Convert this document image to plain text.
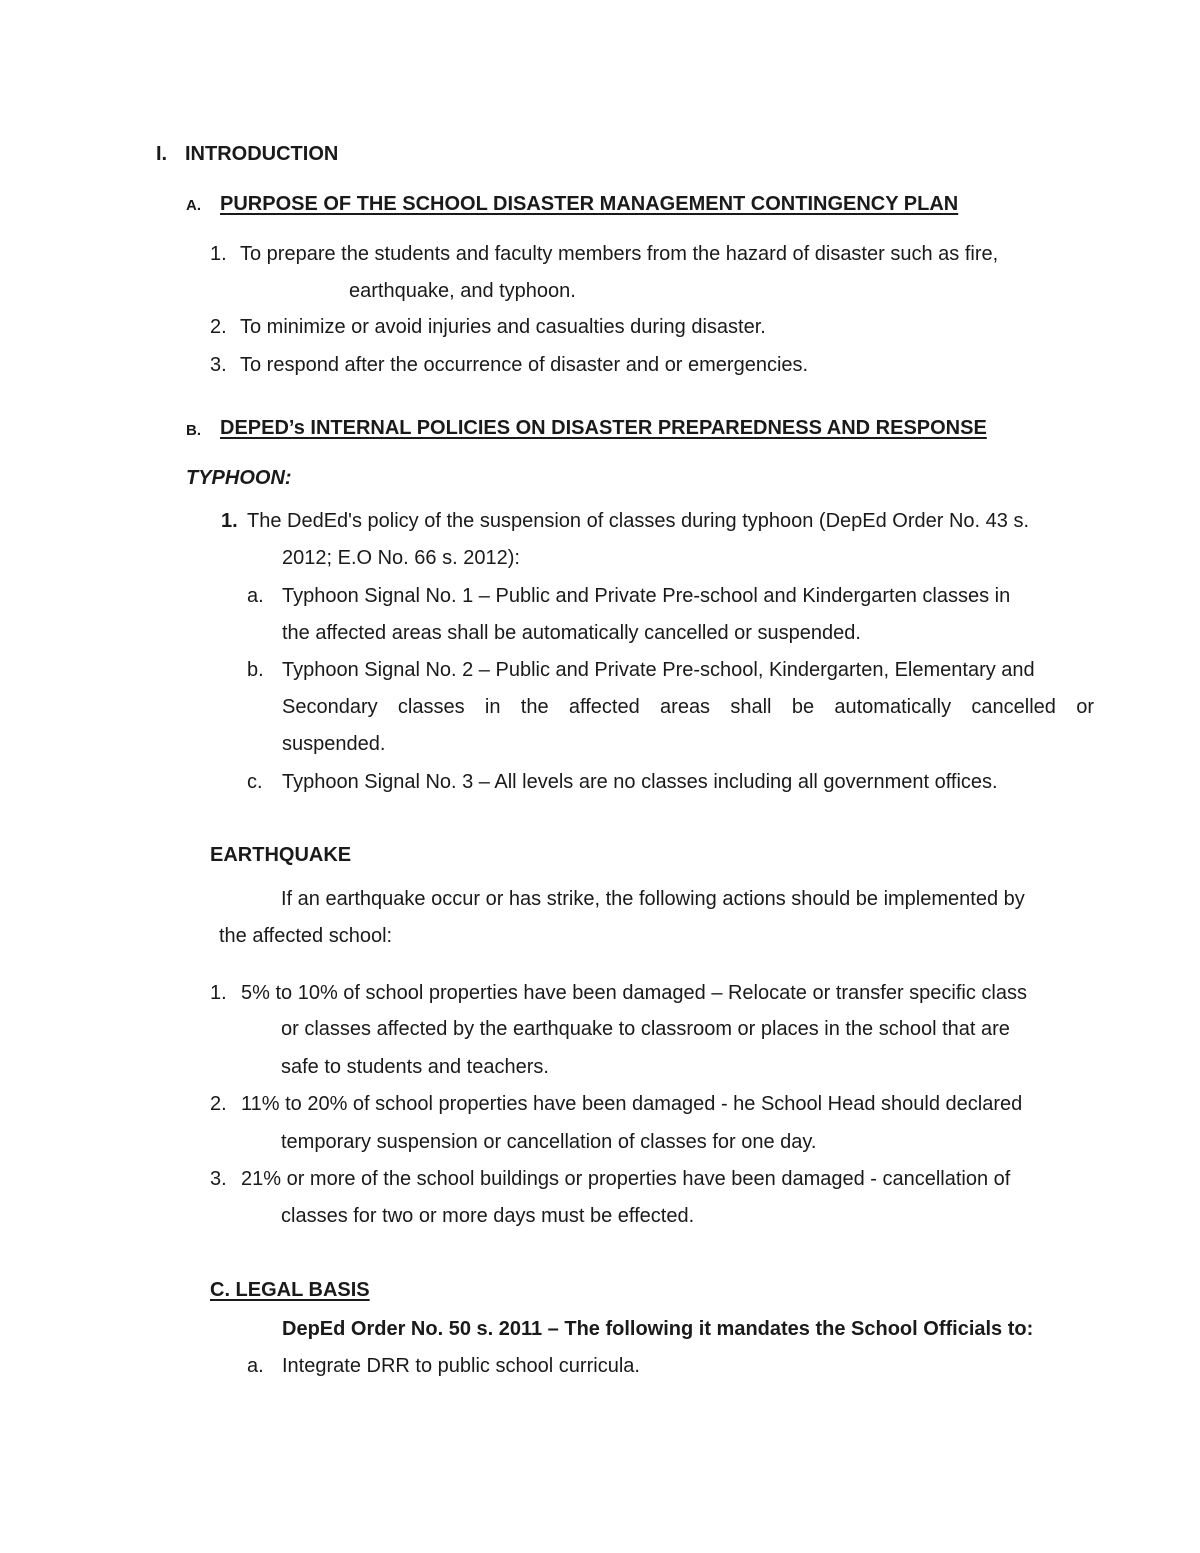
I. INTRODUCTION
A. PURPOSE OF THE SCHOOL DISASTER MANAGEMENT CONTINGENCY PLAN
1. To prepare the students and faculty members from the hazard of disaster such as fire,
earthquake, and typhoon.
2. To minimize or avoid injuries and casualties during disaster.
3. To respond after the occurrence of disaster and or emergencies.
B. DEPED’s INTERNAL POLICIES ON DISASTER PREPAREDNESS AND RESPONSE
TYPHOON:
1. The DedEd's policy of the suspension of classes during typhoon (DepEd Order No. 43 s.
2012; E.O No. 66 s. 2012):
a. Typhoon Signal No. 1 – Public and Private Pre-school and Kindergarten classes in
the affected areas shall be automatically cancelled or suspended.
b. Typhoon Signal No. 2 – Public and Private Pre-school, Kindergarten, Elementary and
Secondary classes in the affected areas shall be automatically cancelled or
suspended.
c. Typhoon Signal No. 3 – All levels are no classes including all government offices.
EARTHQUAKE
If an earthquake occur or has strike, the following actions should be implemented by
the affected school:
1. 5% to 10% of school properties have been damaged – Relocate or transfer specific class
or classes affected by the earthquake to classroom or places in the school that are
safe to students and teachers.
2. 11% to 20% of school properties have been damaged - he School Head should declared
temporary suspension or cancellation of classes for one day.
3. 21% or more of the school buildings or properties have been damaged - cancellation of
classes for two or more days must be effected.
C. LEGAL BASIS
DepEd Order No. 50 s. 2011 – The following it mandates the School Officials to:
a. Integrate DRR to public school curricula.
